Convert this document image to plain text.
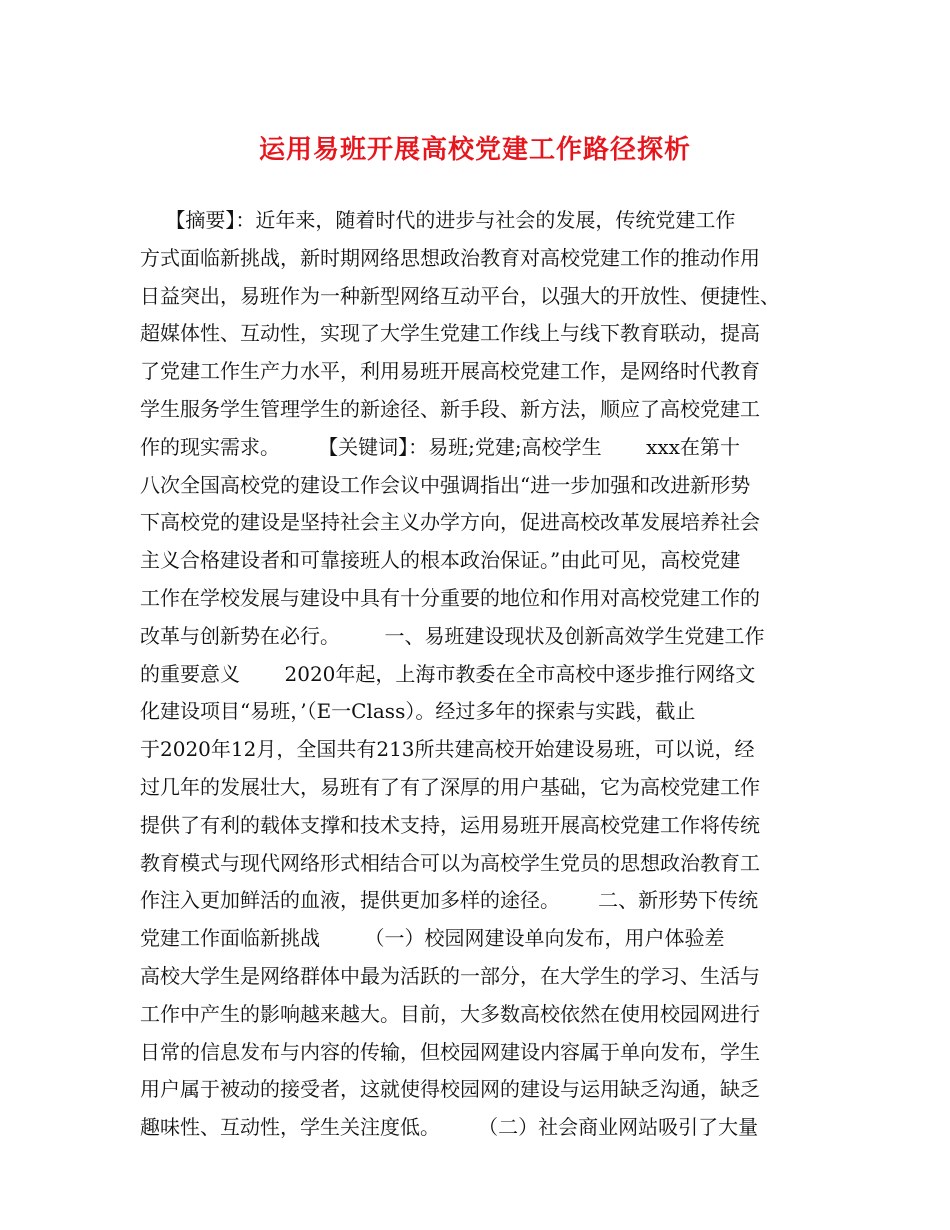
运用易班开展高校党建工作路径探析
【摘要】：近年来，随着时代的进步与社会的发展，传统党建工作
方式面临新挑战，新时期网络思想政治教育对高校党建工作的推动作用
日益突出，易班作为一种新型网络互动平台，以强大的开放性、便捷性、
超媒体性、互动性，实现了大学生党建工作线上与线下教育联动，提高
了党建工作生产力水平，利用易班开展高校党建工作，是网络时代教育
学生服务学生管理学生的新途径、新手段、新方法，顺应了高校党建工
作的现实需求。      【关键词】：易班;党建;高校学生       xxx在第十
八次全国高校党的建设工作会议中强调指出“进一步加强和改进新形势
下高校党的建设是坚持社会主义办学方向，促进高校改革发展培养社会
主义合格建设者和可靠接班人的根本政治保证。”由此可见，高校党建
工作在学校发展与建设中具有十分重要的地位和作用对高校党建工作的
改革与创新势在必行。       一、易班建设现状及创新高效学生党建工作
的重要意义       2020年起，上海市教委在全市高校中逐步推行网络文
化建设项目“易班，’（E一Class）。经过多年的探索与实践，截止
于2020年12月，全国共有213所共建高校开始建设易班，可以说，经
过几年的发展壮大，易班有了有了深厚的用户基础，它为高校党建工作
提供了有利的载体支撑和技术支持，运用易班开展高校党建工作将传统
教育模式与现代网络形式相结合可以为高校学生党员的思想政治教育工
作注入更加鲜活的血液，提供更加多样的途径。      二、新形势下传统
党建工作面临新挑战       （一）校园网建设单向发布，用户体验差
高校大学生是网络群体中最为活跃的一部分，在大学生的学习、生活与
工作中产生的影响越来越大。目前，大多数高校依然在使用校园网进行
日常的信息发布与内容的传输，但校园网建设内容属于单向发布，学生
用户属于被动的接受者，这就使得校园网的建设与运用缺乏沟通，缺乏
趣味性、互动性，学生关注度低。      （二）社会商业网站吸引了大量
